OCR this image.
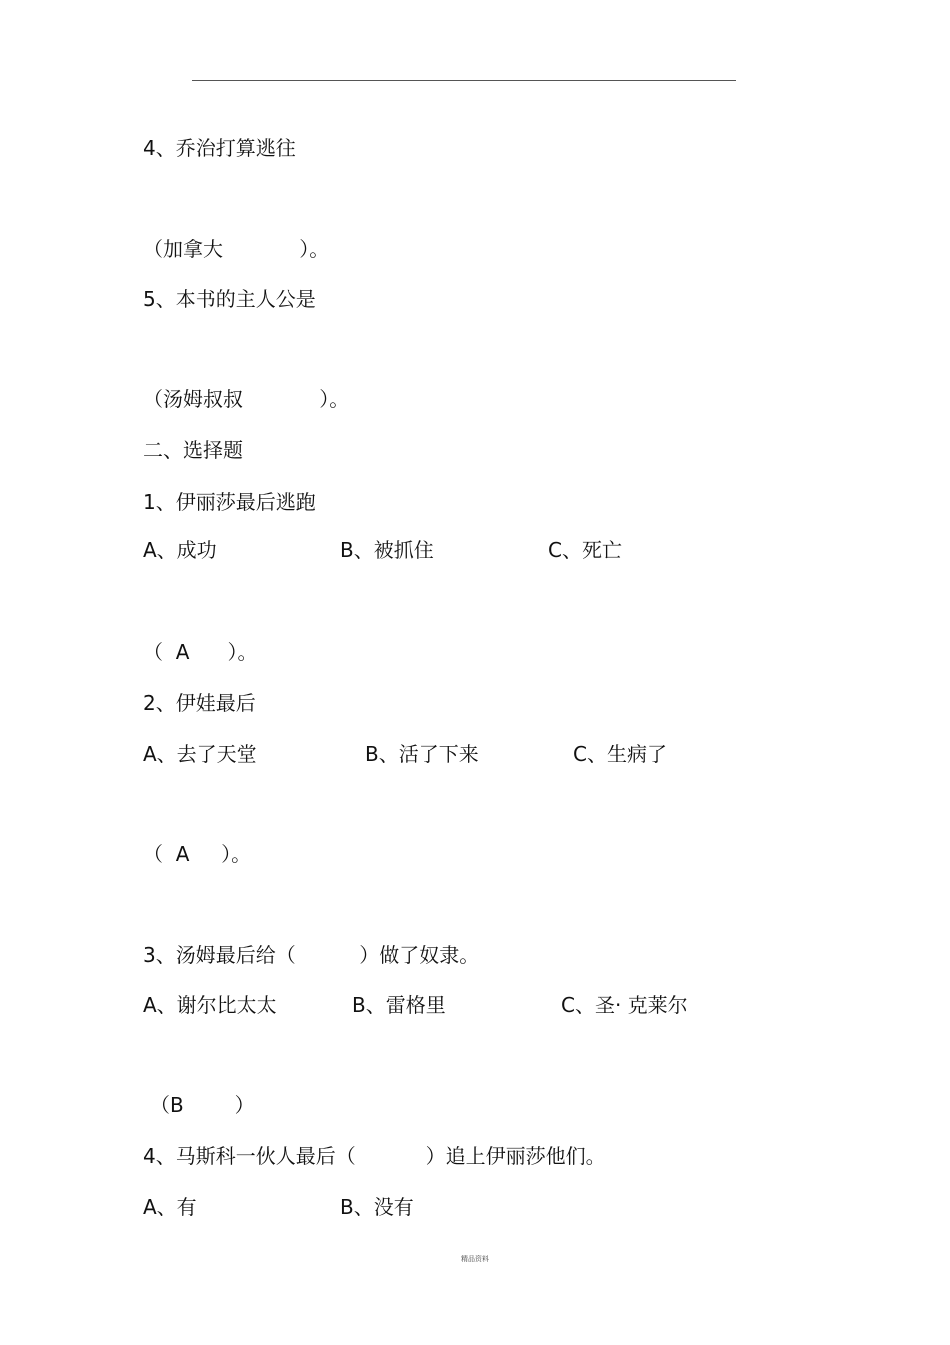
4、乔治打算逃往

（加拿大            ）。

5、本书的主人公是

（汤姆叔叔            ）。

二、选择题

1、伊丽莎最后逃跑

A、成功	B、被抓住	C、死亡

（  A      ）。

2、伊娃最后

A、去了天堂	B、活了下来	C、生病了

（  A     ）。

3、汤姆最后给（          ）做了奴隶。

A、谢尔比太太	B、雷格里	C、圣· 克莱尔

（B        ）

4、马斯科一伙人最后（           ）追上伊丽莎他们。

A、有	B、没有

精品资料
